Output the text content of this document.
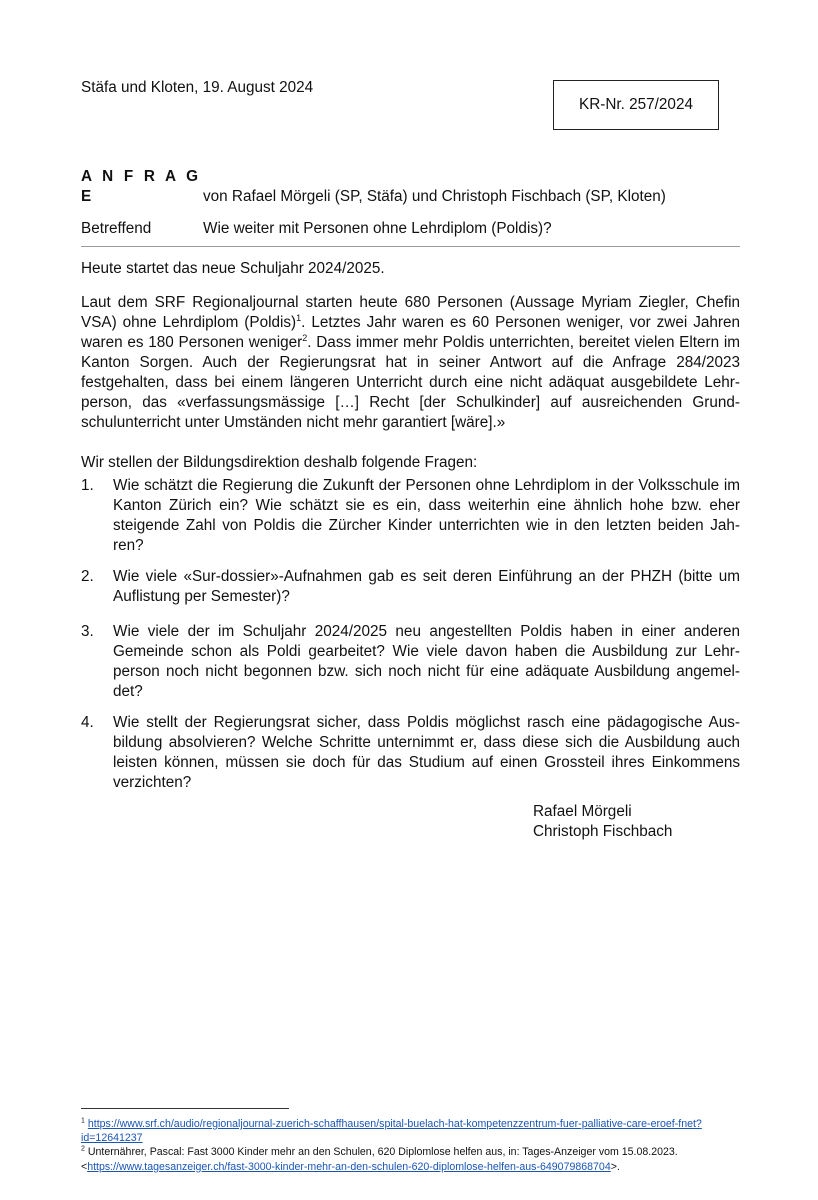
Stäfa und Kloten, 19. August 2024
KR-Nr. 257/2024
A N F R A G E	von Rafael Mörgeli (SP, Stäfa) und Christoph Fischbach (SP, Kloten)
Betreffend	Wie weiter mit Personen ohne Lehrdiplom (Poldis)?

Heute startet das neue Schuljahr 2024/2025.

Laut dem SRF Regionaljournal starten heute 680 Personen (Aussage Myriam Ziegler, Chefin VSA) ohne Lehrdiplom (Poldis)$^1$. Letztes Jahr waren es 60 Personen weniger, vor zwei Jahren waren es 180 Personen weniger$^2$. Dass immer mehr Poldis unterrichten, bereitet vielen Eltern im Kanton Sorgen. Auch der Regierungsrat hat in seiner Antwort auf die Anfrage 284/2023 festgehalten, dass bei einem längeren Unterricht durch eine nicht adäquat ausgebildete Lehr-person, das «verfassungsmässige […] Recht [der Schulkinder] auf ausreichenden Grund-schulunterricht unter Umständen nicht mehr garantiert [wäre].»

Wir stellen der Bildungsdirektion deshalb folgende Fragen:

1. Wie schätzt die Regierung die Zukunft der Personen ohne Lehrdiplom in der Volksschule im Kanton Zürich ein? Wie schätzt sie es ein, dass weiterhin eine ähnlich hohe bzw. eher steigende Zahl von Poldis die Zürcher Kinder unterrichten wie in den letzten beiden Jah-ren?
2. Wie viele «Sur-dossier»-Aufnahmen gab es seit deren Einführung an der PHZH (bitte um Auflistung per Semester)?
3. Wie viele der im Schuljahr 2024/2025 neu angestellten Poldis haben in einer anderen Gemeinde schon als Poldi gearbeitet? Wie viele davon haben die Ausbildung zur Lehr-person noch nicht begonnen bzw. sich noch nicht für eine adäquate Ausbildung angemel-det?
4. Wie stellt der Regierungsrat sicher, dass Poldis möglichst rasch eine pädagogische Aus-bildung absolvieren? Welche Schritte unternimmt er, dass diese sich die Ausbildung auch leisten können, müssen sie doch für das Studium auf einen Grossteil ihres Einkommens verzichten?
Rafael Mörgeli
Christoph Fischbach
$^1$ https://www.srf.ch/audio/regionaljournal-zuerich-schaffhausen/spital-buelach-hat-kompetenzzentrum-fuer-palliative-care-eroef-fnet?id=12641237
$^2$ Unternährer, Pascal: Fast 3000 Kinder mehr an den Schulen, 620 Diplomlose helfen aus, in: Tages-Anzeiger vom 15.08.2023.
<https://www.tagesanzeiger.ch/fast-3000-kinder-mehr-an-den-schulen-620-diplomlose-helfen-aus-649079868704>.
